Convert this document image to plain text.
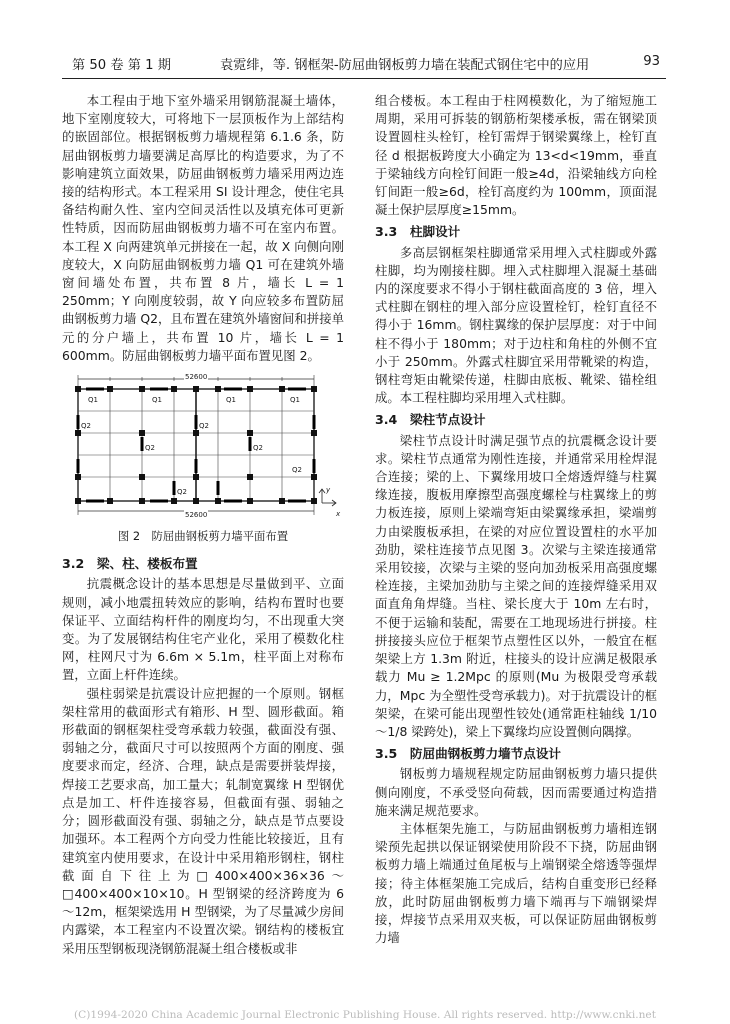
第 50 卷 第 1 期	袁霓绯，等. 钢框架-防屈曲钢板剪力墙在装配式钢住宅中的应用	93

本工程由于地下室外墙采用钢筋混凝土墙体，地下室刚度较大，可将地下一层顶板作为上部结构的嵌固部位。根据钢板剪力墙规程第 6.1.6 条，防屈曲钢板剪力墙要满足高厚比的构造要求，为了不影响建筑立面效果，防屈曲钢板剪力墙采用两边连接的结构形式。本工程采用 SI 设计理念，使住宅具备结构耐久性、室内空间灵活性以及填充体可更新性特质，因而防屈曲钢板剪力墙不可在室内布置。本工程 X 向两建筑单元拼接在一起，故 X 向侧向刚度较大，X 向防屈曲钢板剪力墙 Q1 可在建筑外墙窗间墙处布置，共布置 8 片，墙长 L = 1 250mm；Y 向刚度较弱，故 Y 向应较多布置防屈曲钢板剪力墙 Q2，且布置在建筑外墙窗间和拼接单元的分户墙上，共布置 10 片，墙长 L = 1 600mm。防屈曲钢板剪力墙平面布置见图 2。

52600
52600
Q1	Q1	Q1	Q1
Q2	Q2
Q2	Q2
Q2
Q2
x
y
图 2　防屈曲钢板剪力墙平面布置
3.2　梁、柱、楼板布置

抗震概念设计的基本思想是尽量做到平、立面规则，减小地震扭转效应的影响，结构布置时也要保证平、立面结构杆件的刚度均匀，不出现重大突变。为了发展钢结构住宅产业化，采用了模数化柱网，柱网尺寸为 6.6m × 5.1m，柱平面上对称布置，立面上杆件连续。

强柱弱梁是抗震设计应把握的一个原则。钢框架柱常用的截面形式有箱形、H 型、圆形截面。箱形截面的钢框架柱受弯承载力较强，截面没有强、弱轴之分，截面尺寸可以按照两个方面的刚度、强度要求而定，经济、合理，缺点是需要拼装焊接，焊接工艺要求高，加工量大；轧制宽翼缘 H 型钢优点是加工、杆件连接容易，但截面有强、弱轴之分；圆形截面没有强、弱轴之分，缺点是节点要设加强环。本工程两个方向受力性能比较接近，且有建筑室内使用要求，在设计中采用箱形钢柱，钢柱截面自下往上为□400×400×36×36～□400×400×10×10。H 型钢梁的经济跨度为 6～12m，框架梁选用 H 型钢梁，为了尽量减少房间内露梁，本工程室内不设置次梁。钢结构的楼板宜采用压型钢板现浇钢筋混凝土组合楼板或非

组合楼板。本工程由于柱网模数化，为了缩短施工周期，采用可拆装的钢筋桁架楼承板，需在钢梁顶设置圆柱头栓钉，栓钉需焊于钢梁翼缘上，栓钉直径 d 根据板跨度大小确定为 13<d<19mm，垂直于梁轴线方向栓钉间距一般≥4d，沿梁轴线方向栓钉间距一般≥6d，栓钉高度约为 100mm，顶面混凝土保护层厚度≥15mm。

3.3　柱脚设计

多高层钢框架柱脚通常采用埋入式柱脚或外露柱脚，均为刚接柱脚。埋入式柱脚埋入混凝土基础内的深度要求不得小于钢柱截面高度的 3 倍，埋入式柱脚在钢柱的埋入部分应设置栓钉，栓钉直径不得小于 16mm。钢柱翼缘的保护层厚度：对于中间柱不得小于 180mm；对于边柱和角柱的外侧不宜小于 250mm。外露式柱脚宜采用带靴梁的构造，钢柱弯矩由靴梁传递，柱脚由底板、靴梁、锚栓组成。本工程柱脚均采用埋入式柱脚。

3.4　梁柱节点设计

梁柱节点设计时满足强节点的抗震概念设计要求。梁柱节点通常为刚性连接，并通常采用栓焊混合连接；梁的上、下翼缘用坡口全熔透焊缝与柱翼缘连接，腹板用摩擦型高强度螺栓与柱翼缘上的剪力板连接，原则上梁端弯矩由梁翼缘承担，梁端剪力由梁腹板承担，在梁的对应位置设置柱的水平加劲肋，梁柱连接节点见图 3。次梁与主梁连接通常采用铰接，次梁与主梁的竖向加劲板采用高强度螺栓连接，主梁加劲肋与主梁之间的连接焊缝采用双面直角角焊缝。当柱、梁长度大于 10m 左右时，不便于运输和装配，需要在工地现场进行拼接。柱拼接接头应位于框架节点塑性区以外，一般宜在框架梁上方 1.3m 附近，柱接头的设计应满足极限承载力 Mu ≥ 1.2Mpc 的原则(Mu 为极限受弯承载力，Mpc 为全塑性受弯承载力)。对于抗震设计的框架梁，在梁可能出现塑性铰处(通常距柱轴线 1/10～1/8 梁跨处)，梁上下翼缘均应设置侧向隅撑。

3.5　防屈曲钢板剪力墙节点设计

钢板剪力墙规程规定防屈曲钢板剪力墙只提供侧向刚度，不承受竖向荷载，因而需要通过构造措施来满足规范要求。

主体框架先施工，与防屈曲钢板剪力墙相连钢梁预先起拱以保证钢梁使用阶段不下挠，防屈曲钢板剪力墙上端通过鱼尾板与上端钢梁全熔透等强焊接；待主体框架施工完成后，结构自重变形已经释放，此时防屈曲钢板剪力墙下端再与下端钢梁焊接，焊接节点采用双夹板，可以保证防屈曲钢板剪力墙

(C)1994-2020 China Academic Journal Electronic Publishing House. All rights reserved. http://www.cnki.net
